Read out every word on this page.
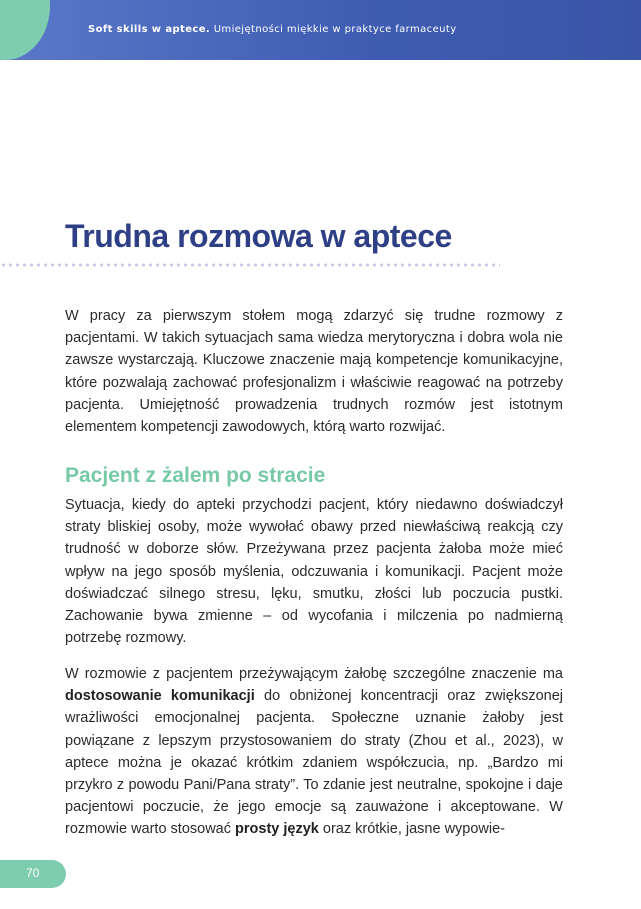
Soft skills w aptece. Umiejętności miękkie w praktyce farmaceuty
Trudna rozmowa w aptece

W pracy za pierwszym stołem mogą zdarzyć się trudne rozmowy z pacjentami. W takich sytuacjach sama wiedza merytoryczna i dobra wola nie zawsze wystarczają. Kluczowe znaczenie mają kompetencje komunikacyjne, które pozwalają zachować profesjonalizm i właściwie reagować na potrzeby pacjenta. Umiejętność prowadzenia trudnych rozmów jest istotnym elementem kompetencji zawodowych, którą warto rozwijać.

Pacjent z żalem po stracie

Sytuacja, kiedy do apteki przychodzi pacjent, który niedawno doświadczył straty bliskiej osoby, może wywołać obawy przed niewłaściwą reakcją czy trudność w doborze słów. Przeżywana przez pacjenta żałoba może mieć wpływ na jego sposób myślenia, odczuwania i komunikacji. Pacjent może doświadczać silnego stresu, lęku, smutku, złości lub poczucia pustki. Zachowanie bywa zmienne – od wycofania i milczenia po nadmierną potrzebę rozmowy.

W rozmowie z pacjentem przeżywającym żałobę szczególne znaczenie ma dostosowanie komunikacji do obniżonej koncentracji oraz zwiększonej wrażliwości emocjonalnej pacjenta. Społeczne uznanie żałoby jest powiązane z lepszym przystosowaniem do straty (Zhou et al., 2023), w aptece można je okazać krótkim zdaniem współczucia, np. „Bardzo mi przykro z powodu Pani/Pana straty”. To zdanie jest neutralne, spokojne i daje pacjentowi poczucie, że jego emocje są zauważone i akceptowane. W rozmowie warto stosować prosty język oraz krótkie, jasne wypowie-

70
